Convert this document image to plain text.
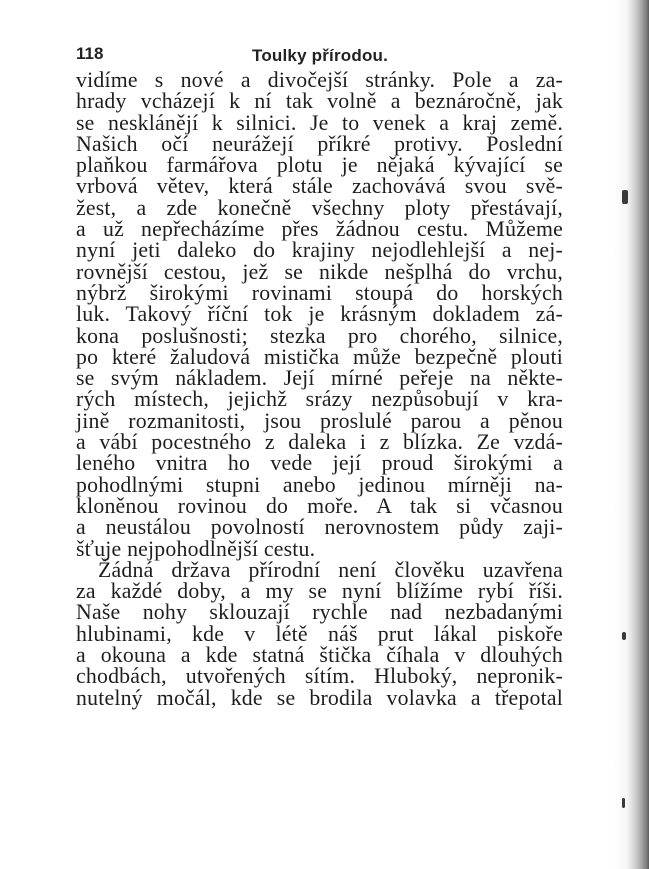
118	Toulky přírodou.
vidíme s nové a divočejší stránky. Pole a za-
hrady vcházejí k ní tak volně a beznáročně, jak
se nesklánějí k silnici. Je to venek a kraj země.
Našich očí neurážejí příkré protivy. Poslední
plaňkou farmářova plotu je nějaká kývající se
vrbová větev, která stále zachovává svou svě-
žest, a zde konečně všechny ploty přestávají,
a už nepřecházíme přes žádnou cestu. Můžeme
nyní jeti daleko do krajiny nejodlehlejší a nej-
rovnější cestou, jež se nikde nešplhá do vrchu,
nýbrž širokými rovinami stoupá do horských
luk. Takový říční tok je krásným dokladem zá-
kona poslušnosti; stezka pro chorého, silnice,
po které žaludová mistička může bezpečně plouti
se svým nákladem. Její mírné peřeje na někte-
rých místech, jejichž srázy nezpůsobují v kra-
jině rozmanitosti, jsou proslulé parou a pěnou
a vábí pocestného z daleka i z blízka. Ze vzdá-
leného vnitra ho vede její proud širokými a
pohodlnými stupni anebo jedinou mírněji na-
kloněnou rovinou do moře. A tak si včasnou
a neustálou povolností nerovnostem půdy zaji-
šťuje nejpohodlnější cestu.
Žádná država přírodní není člověku uzavřena
za každé doby, a my se nyní blížíme rybí říši.
Naše nohy sklouzají rychle nad nezbadanými
hlubinami, kde v létě náš prut lákal piskoře
a okouna a kde statná štička číhala v dlouhých
chodbách, utvořených sítím. Hluboký, nepronik-
nutelný močál, kde se brodila volavka a třepotal
